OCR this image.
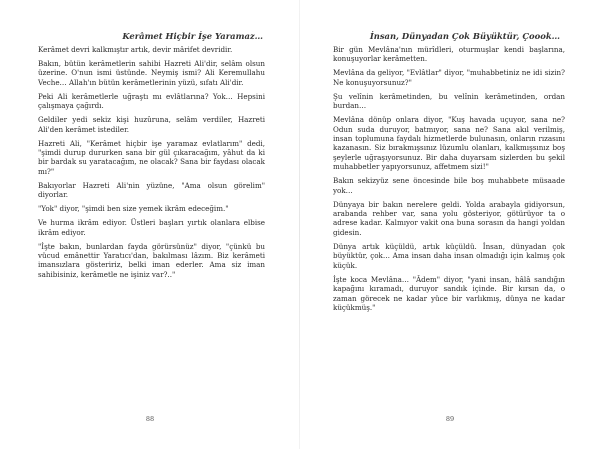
Kerâmet Hiçbir İşe Yaramaz…

Kerâmet devri kalkmıştır artık, devir mârifet devridir.

Bakın, bütün kerâmetlerin sahibi Hazreti Ali'dir, selâm olsun üzerine. O'nun ismi üstünde. Neymiş ismi? Ali Keremullahu Veche… Allah'ın bütün kerâmetlerinin yüzü, sıfatı Ali'dir.

Peki Ali kerâmetlerle uğraştı mı evlâtlarına? Yok… Hepsini çalışmaya çağırdı.

Geldiler yedi sekiz kişi huzûruna, selâm verdiler, Hazreti Ali'den kerâmet istediler.

Hazreti Ali, "Kerâmet hiçbir işe yaramaz evlatlarım" dedi, "şimdi durup dururken sana bir gül çıkaracağım, yâhut da ki bir bardak su yaratacağım, ne olacak? Sana bir faydası olacak mı?"

Bakıyorlar Hazreti Ali'nin yüzüne, "Ama olsun görelim" diyorlar.

"Yok" diyor, "şimdi ben size yemek ikrâm edeceğim."

Ve hurma ikrâm ediyor. Üstleri başları yırtık olanlara elbise ikrâm ediyor.

"İşte bakın, bunlardan fayda görürsünüz" diyor, "çünkü bu vücud emânettir Yaratıcı'dan, bakılması lâzım. Biz kerâmeti imansızlara gösteririz, belki iman ederler. Ama siz iman sahibisiniz, kerâmetle ne işiniz var?.."

88
İnsan, Dünyadan Çok Büyüktür, Çoook…

Bir gün Mevlâna'nın mürîdleri, oturmuşlar kendi başlarına, konuşuyorlar kerâmetten.

Mevlâna da geliyor, "Evlâtlar" diyor, "muhabbetiniz ne idi sizin? Ne konuşuyorsunuz?"

Şu velînin kerâmetinden, bu velînin kerâmetinden, ordan burdan…

Mevlâna dönüp onlara diyor, "Kuş havada uçuyor, sana ne? Odun suda duruyor, batmıyor, sana ne? Sana akıl verilmiş, insan toplumuna faydalı hizmetlerde bulunasın, onların rızasını kazanasın. Siz bırakmışsınız lüzumlu olanları, kalkmışsınız boş şeylerle uğraşıyorsunuz. Bir daha duyarsam sizlerden bu şekil muhabbetler yapıyorsunuz, affetmem sizi!"

Bakın sekizyüz sene öncesinde bile boş muhabbete müsaade yok…

Dünyaya bir bakın nerelere geldi. Yolda arabayla gidiyorsun, arabanda rehber var, sana yolu gösteriyor, götürüyor ta o adrese kadar. Kalmıyor vakit ona buna sorasın da hangi yoldan gidesin.

Dünya artık küçüldü, artık küçüldü. İnsan, dünyadan çok büyüktür, çok… Ama insan daha insan olmadığı için kalmış çok küçük.

İşte koca Mevlâna… "Âdem" diyor, "yani insan, hâlâ sandığın kapağını kıramadı, duruyor sandık içinde. Bir kırsın da, o zaman görecek ne kadar yüce bir varlıkmış, dünya ne kadar küçükmüş."

89
